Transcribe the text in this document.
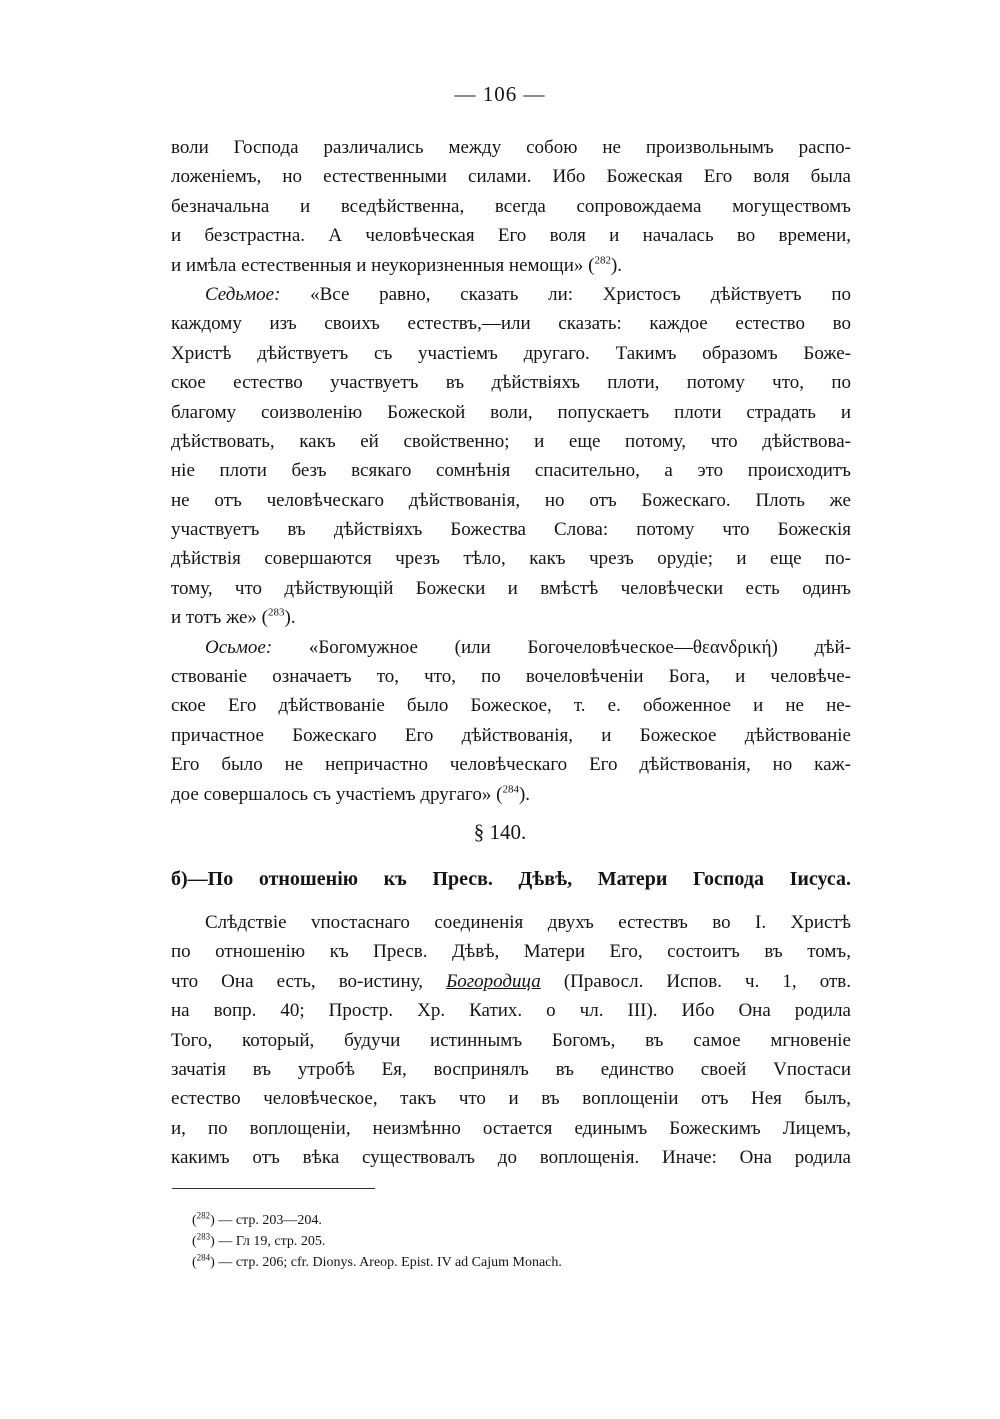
— 106 —
воли Господа различались между собою не произвольнымъ распо-
ложеніемъ, но естественными силами. Ибо Божеская Его воля была
безначальна и вседѣйственна, всегда сопровождаема могуществомъ
и безстрастна. А человѣческая Его воля и началась во времени,
и имѣла естественныя и неукоризненныя немощи» ($^{282}$).
Седьмое: «Все равно, сказать ли: Христосъ дѣйствуетъ по
каждому изъ своихъ естествъ,—или сказать: каждое естество во
Христѣ дѣйствуетъ съ участіемъ другаго. Такимъ образомъ Боже-
ское естество участвуетъ въ дѣйствіяхъ плоти, потому что, по
благому соизволенію Божеской воли, попускаетъ плоти страдать и
дѣйствовать, какъ ей свойственно; и еще потому, что дѣйствова-
ніе плоти безъ всякаго сомнѣнія спасительно, а это происходитъ
не отъ человѣческаго дѣйствованія, но отъ Божескаго. Плоть же
участвуетъ въ дѣйствіяхъ Божества Слова: потому что Божескія
дѣйствія совершаются чрезъ тѣло, какъ чрезъ орудіе; и еще по-
тому, что дѣйствующій Божески и вмѣстѣ человѣчески есть одинъ
и тотъ же» ($^{283}$).
Осьмое: «Богомужное (или Богочеловѣческое—θεανδρική) дѣй-
ствованіе означаетъ то, что, по вочеловѣченіи Бога, и человѣче-
ское Его дѣйствованіе было Божеское, т. е. обоженное и не не-
причастное Божескаго Его дѣйствованія, и Божеское дѣйствованіе
Его было не непричастно человѣческаго Его дѣйствованія, но каж-
дое совершалось съ участіемъ другаго» ($^{284}$).
§ 140.
б)—По отношенію къ Пресв. Дѣвѣ, Матери Господа Іисуса.
Слѣдствіе vпостаснаго соединенія двухъ естествъ во І. Христѣ
по отношенію къ Пресв. Дѣвѣ, Матери Его, состоитъ въ томъ,
что Она есть, во-истину, Богородица (Правосл. Испов. ч. 1, отв.
на вопр. 40; Простр. Хр. Катих. о чл. III). Ибо Она родила
Того, который, будучи истиннымъ Богомъ, въ самое мгновеніе
зачатія въ утробѣ Ея, воспринялъ въ единство своей Vпостаси
естество человѣческое, такъ что и въ воплощеніи отъ Нея былъ,
и, по воплощеніи, неизмѣнно остается единымъ Божескимъ Лицемъ,
какимъ отъ вѣка существовалъ до воплощенія. Иначе: Она родила
($^{282}$) — стр. 203—204.
($^{283}$) — Гл 19, стр. 205.
($^{284}$) — стр. 206; cfr. Dionys. Areop. Epist. IV ad Cajum Monach.
